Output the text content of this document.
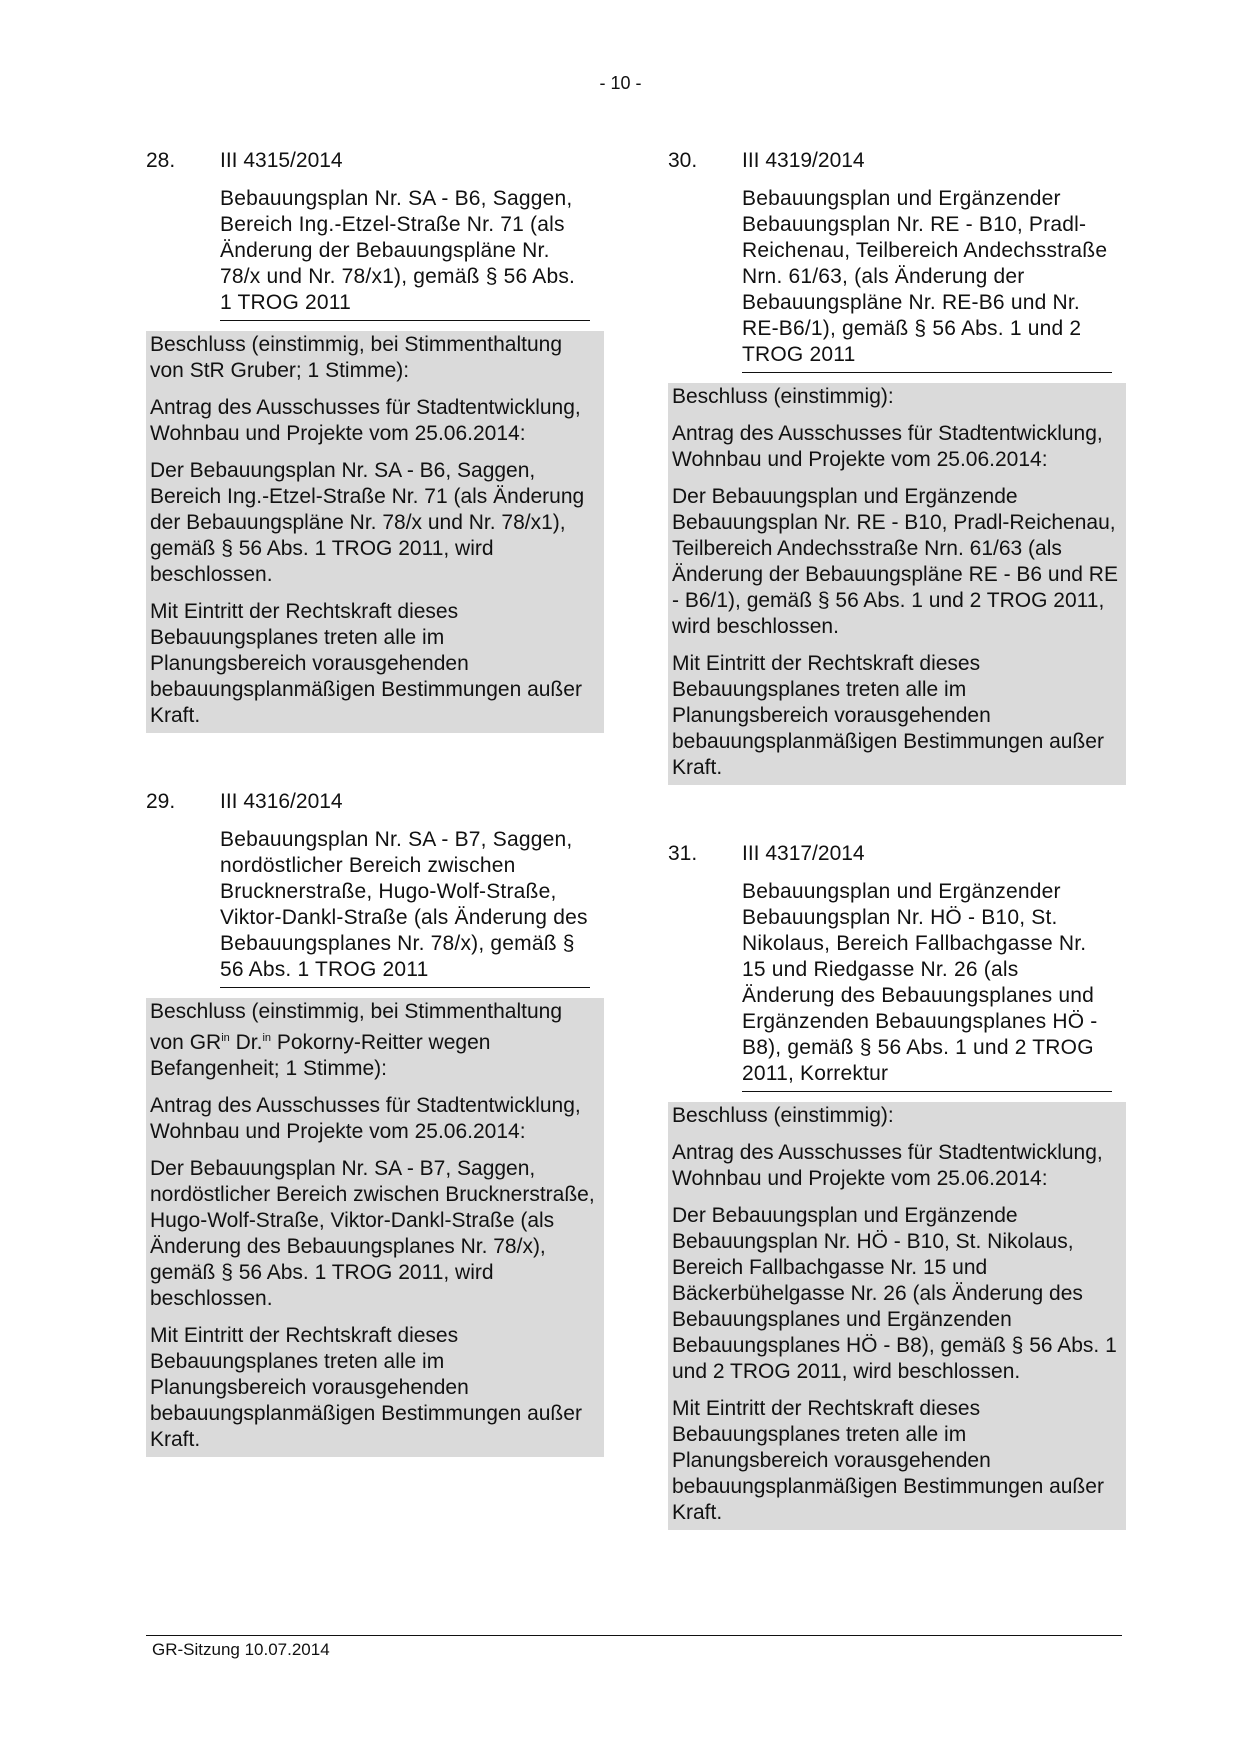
- 10 -
28.	III 4315/2014
Bebauungsplan Nr. SA - B6, Saggen, Bereich Ing.-Etzel-Straße Nr. 71 (als Änderung der Bebauungspläne Nr. 78/x und Nr. 78/x1), gemäß § 56 Abs. 1 TROG 2011

Beschluss (einstimmig, bei Stimmenthaltung von StR Gruber; 1 Stimme):

Antrag des Ausschusses für Stadtentwicklung, Wohnbau und Projekte vom 25.06.2014:

Der Bebauungsplan Nr. SA - B6, Saggen, Bereich Ing.-Etzel-Straße Nr. 71 (als Änderung der Bebauungspläne Nr. 78/x und Nr. 78/x1), gemäß § 56 Abs. 1 TROG 2011, wird beschlossen.

Mit Eintritt der Rechtskraft dieses Bebauungsplanes treten alle im Planungsbereich vorausgehenden bebauungsplanmäßigen Bestimmungen außer Kraft.

29.	III 4316/2014
Bebauungsplan Nr. SA - B7, Saggen, nordöstlicher Bereich zwischen Brucknerstraße, Hugo-Wolf-Straße, Viktor-Dankl-Straße (als Änderung des Bebauungsplanes Nr. 78/x), gemäß § 56 Abs. 1 TROG 2011

Beschluss (einstimmig, bei Stimmenthaltung von $GR^{in}$ Dr.$^{in}$ Pokorny-Reitter wegen Befangenheit; 1 Stimme):

Antrag des Ausschusses für Stadtentwicklung, Wohnbau und Projekte vom 25.06.2014:

Der Bebauungsplan Nr. SA - B7, Saggen, nordöstlicher Bereich zwischen Brucknerstraße, Hugo-Wolf-Straße, Viktor-Dankl-Straße (als Änderung des Bebauungsplanes Nr. 78/x), gemäß § 56 Abs. 1 TROG 2011, wird beschlossen.

Mit Eintritt der Rechtskraft dieses Bebauungsplanes treten alle im Planungsbereich vorausgehenden bebauungsplanmäßigen Bestimmungen außer Kraft.

30.	III 4319/2014
Bebauungsplan und Ergänzender Bebauungsplan Nr. RE - B10, Pradl-Reichenau, Teilbereich Andechsstraße Nrn. 61/63, (als Änderung der Bebauungspläne Nr. RE-B6 und Nr. RE-B6/1), gemäß § 56 Abs. 1 und 2 TROG 2011

Beschluss (einstimmig):

Antrag des Ausschusses für Stadtentwicklung, Wohnbau und Projekte vom 25.06.2014:

Der Bebauungsplan und Ergänzende Bebauungsplan Nr. RE - B10, Pradl-Reichenau, Teilbereich Andechsstraße Nrn. 61/63 (als Änderung der Bebauungspläne RE - B6 und RE - B6/1), gemäß § 56 Abs. 1 und 2 TROG 2011, wird beschlossen.

Mit Eintritt der Rechtskraft dieses Bebauungsplanes treten alle im Planungsbereich vorausgehenden bebauungsplanmäßigen Bestimmungen außer Kraft.

31.	III 4317/2014
Bebauungsplan und Ergänzender Bebauungsplan Nr. HÖ - B10, St. Nikolaus, Bereich Fallbachgasse Nr. 15 und Riedgasse Nr. 26 (als Änderung des Bebauungsplanes und Ergänzenden Bebauungsplanes HÖ - B8), gemäß § 56 Abs. 1 und 2 TROG 2011, Korrektur

Beschluss (einstimmig):

Antrag des Ausschusses für Stadtentwicklung, Wohnbau und Projekte vom 25.06.2014:

Der Bebauungsplan und Ergänzende Bebauungsplan Nr. HÖ - B10, St. Nikolaus, Bereich Fallbachgasse Nr. 15 und Bäckerbühelgasse Nr. 26 (als Änderung des Bebauungsplanes und Ergänzenden Bebauungsplanes HÖ - B8), gemäß § 56 Abs. 1 und 2 TROG 2011, wird beschlossen.

Mit Eintritt der Rechtskraft dieses Bebauungsplanes treten alle im Planungsbereich vorausgehenden bebauungsplanmäßigen Bestimmungen außer Kraft.

GR-Sitzung 10.07.2014
